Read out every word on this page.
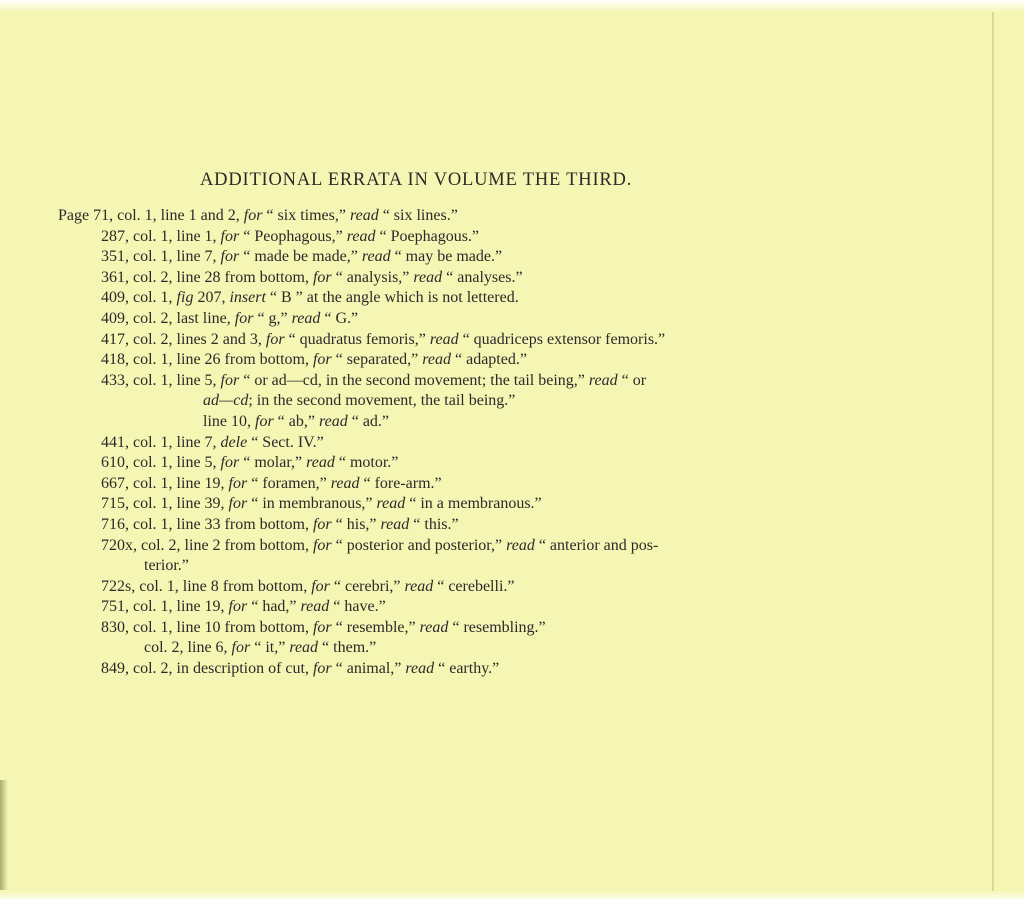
ADDITIONAL ERRATA IN VOLUME THE THIRD.
Page 71, col. 1, line 1 and 2, for “ six times,” read “ six lines.”
287, col. 1, line 1, for “ Peophagous,” read “ Poephagous.”
351, col. 1, line 7, for “ made be made,” read “ may be made.”
361, col. 2, line 28 from bottom, for “ analysis,” read “ analyses.”
409, col. 1, fig 207, insert “ B ” at the angle which is not lettered.
409, col. 2, last line, for “ g,” read “ G.”
417, col. 2, lines 2 and 3, for “ quadratus femoris,” read “ quadriceps extensor femoris.”
418, col. 1, line 26 from bottom, for “ separated,” read “ adapted.”
433, col. 1, line 5, for “ or ad—cd, in the second movement; the tail being,” read “ or
ad—cd; in the second movement, the tail being.”
line 10, for “ ab,” read “ ad.”
441, col. 1, line 7, dele “ Sect. IV.”
610, col. 1, line 5, for “ molar,” read “ motor.”
667, col. 1, line 19, for “ foramen,” read “ fore-arm.”
715, col. 1, line 39, for “ in membranous,” read “ in a membranous.”
716, col. 1, line 33 from bottom, for “ his,” read “ this.”
720x, col. 2, line 2 from bottom, for “ posterior and posterior,” read “ anterior and pos-
terior.”
722s, col. 1, line 8 from bottom, for “ cerebri,” read “ cerebelli.”
751, col. 1, line 19, for “ had,” read “ have.”
830, col. 1, line 10 from bottom, for “ resemble,” read “ resembling.”
col. 2, line 6, for “ it,” read “ them.”
849, col. 2, in description of cut, for “ animal,” read “ earthy.”
